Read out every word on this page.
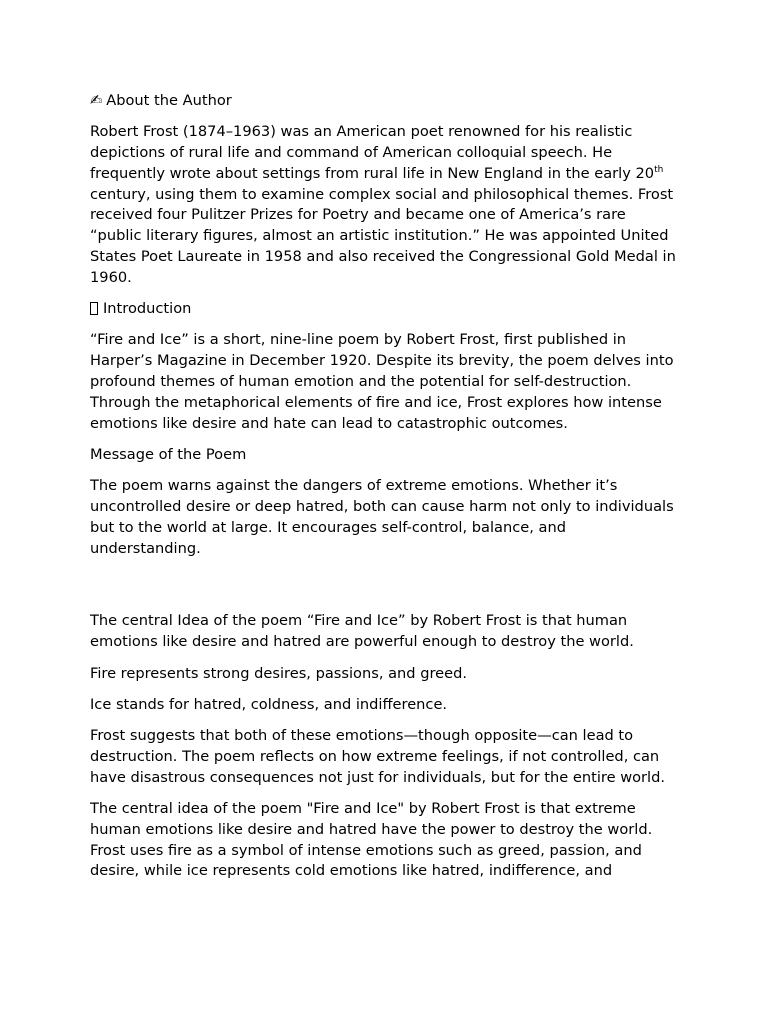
✍ About the Author

Robert Frost (1874–1963) was an American poet renowned for his realistic depictions of rural life and command of American colloquial speech. He frequently wrote about settings from rural life in New England in the early 20th century, using them to examine complex social and philosophical themes. Frost received four Pulitzer Prizes for Poetry and became one of America’s rare “public literary figures, almost an artistic institution.” He was appointed United States Poet Laureate in 1958 and also received the Congressional Gold Medal in 1960.

Introduction

“Fire and Ice” is a short, nine-line poem by Robert Frost, first published in Harper’s Magazine in December 1920. Despite its brevity, the poem delves into profound themes of human emotion and the potential for self-destruction. Through the metaphorical elements of fire and ice, Frost explores how intense emotions like desire and hate can lead to catastrophic outcomes.

Message of the Poem

The poem warns against the dangers of extreme emotions. Whether it’s uncontrolled desire or deep hatred, both can cause harm not only to individuals but to the world at large. It encourages self-control, balance, and understanding.

The central Idea of the poem “Fire and Ice” by Robert Frost is that human emotions like desire and hatred are powerful enough to destroy the world.

Fire represents strong desires, passions, and greed.

Ice stands for hatred, coldness, and indifference.

Frost suggests that both of these emotions—though opposite—can lead to destruction. The poem reflects on how extreme feelings, if not controlled, can have disastrous consequences not just for individuals, but for the entire world.

The central idea of the poem "Fire and Ice" by Robert Frost is that extreme human emotions like desire and hatred have the power to destroy the world. Frost uses fire as a symbol of intense emotions such as greed, passion, and desire, while ice represents cold emotions like hatred, indifference, and
